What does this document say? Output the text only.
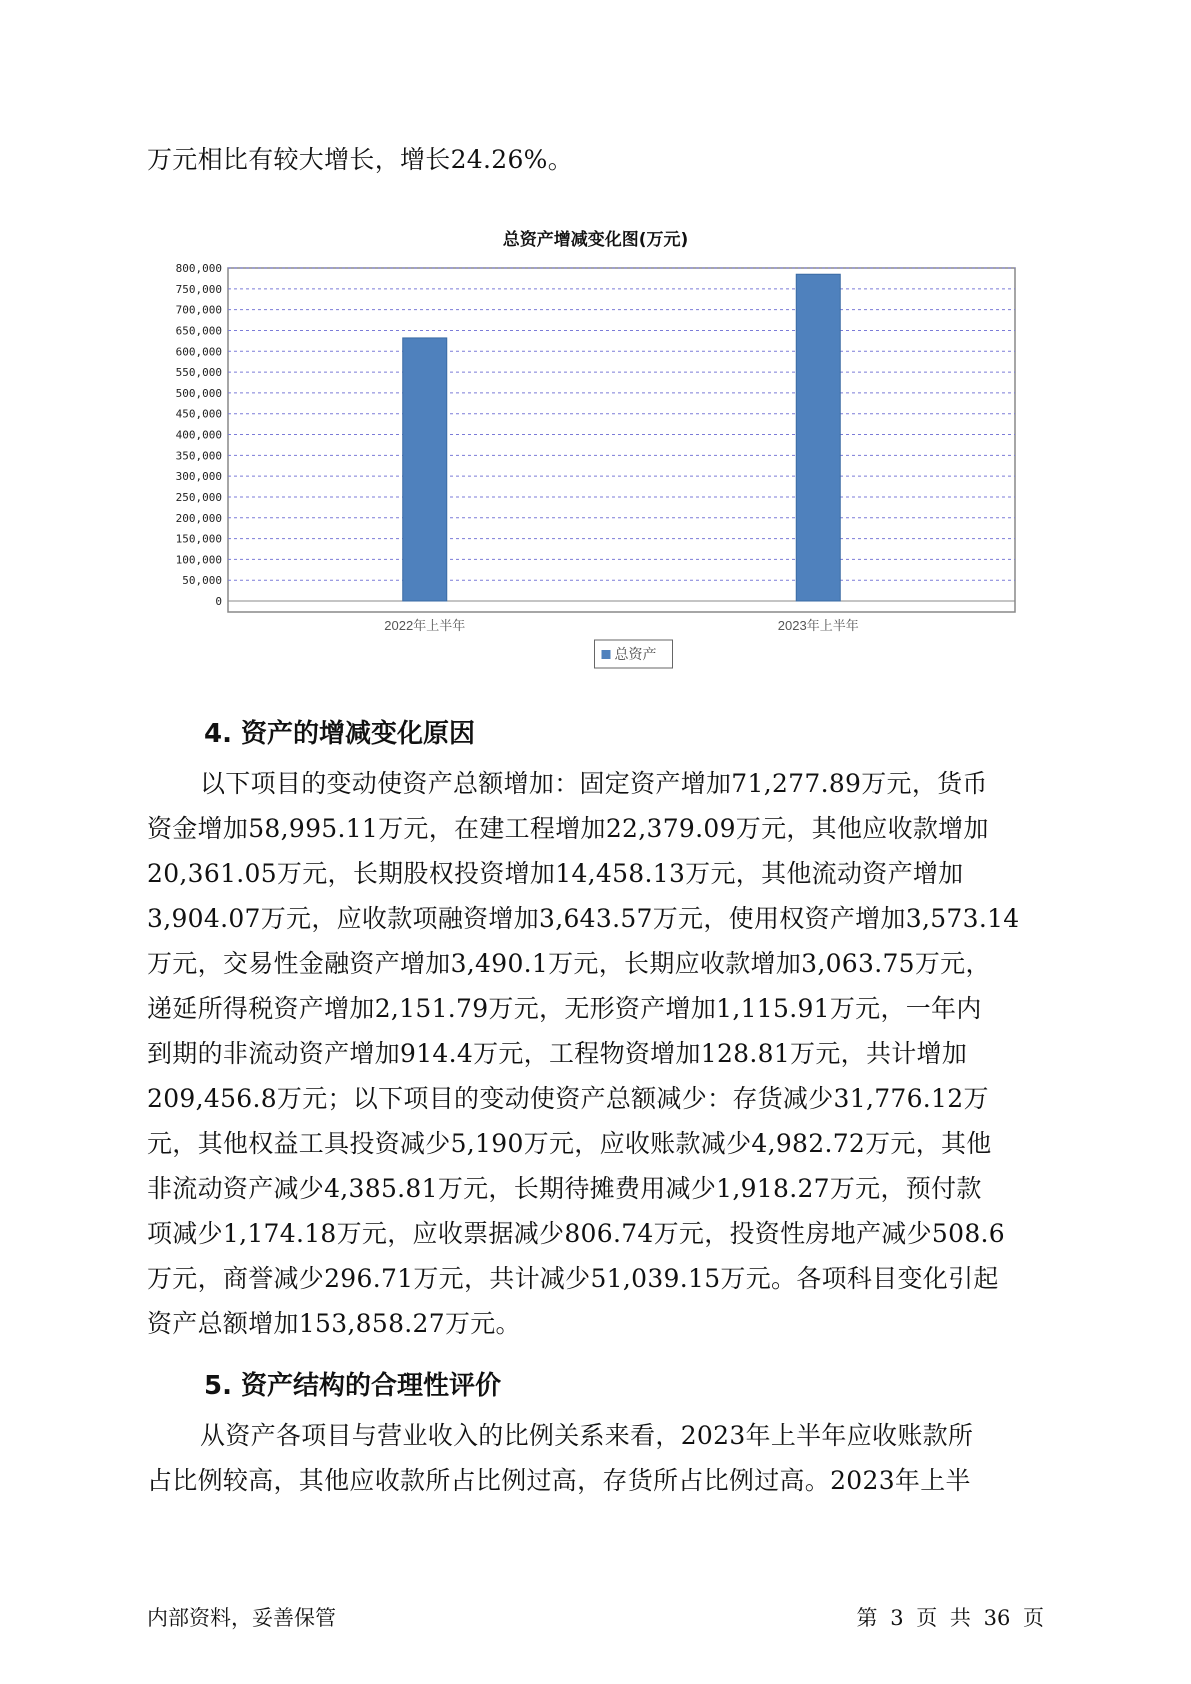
万元相比有较大增长，增长24.26%。
总资产增减变化图(万元)
0
50,000
100,000
150,000
200,000
250,000
300,000
350,000
400,000
450,000
500,000
550,000
600,000
650,000
700,000
750,000
800,000
2022年上半年	2023年上半年
总资产
4. 资产的增减变化原因
以下项目的变动使资产总额增加：固定资产增加71,277.89万元，货币
资金增加58,995.11万元，在建工程增加22,379.09万元，其他应收款增加
20,361.05万元，长期股权投资增加14,458.13万元，其他流动资产增加
3,904.07万元，应收款项融资增加3,643.57万元，使用权资产增加3,573.14
万元，交易性金融资产增加3,490.1万元，长期应收款增加3,063.75万元，
递延所得税资产增加2,151.79万元，无形资产增加1,115.91万元，一年内
到期的非流动资产增加914.4万元，工程物资增加128.81万元，共计增加
209,456.8万元；以下项目的变动使资产总额减少：存货减少31,776.12万
元，其他权益工具投资减少5,190万元，应收账款减少4,982.72万元，其他
非流动资产减少4,385.81万元，长期待摊费用减少1,918.27万元，预付款
项减少1,174.18万元，应收票据减少806.74万元，投资性房地产减少508.6
万元，商誉减少296.71万元，共计减少51,039.15万元。各项科目变化引起
资产总额增加153,858.27万元。
5. 资产结构的合理性评价
从资产各项目与营业收入的比例关系来看，2023年上半年应收账款所
占比例较高，其他应收款所占比例过高，存货所占比例过高。2023年上半
内部资料，妥善保管	第 3 页 共 36 页
